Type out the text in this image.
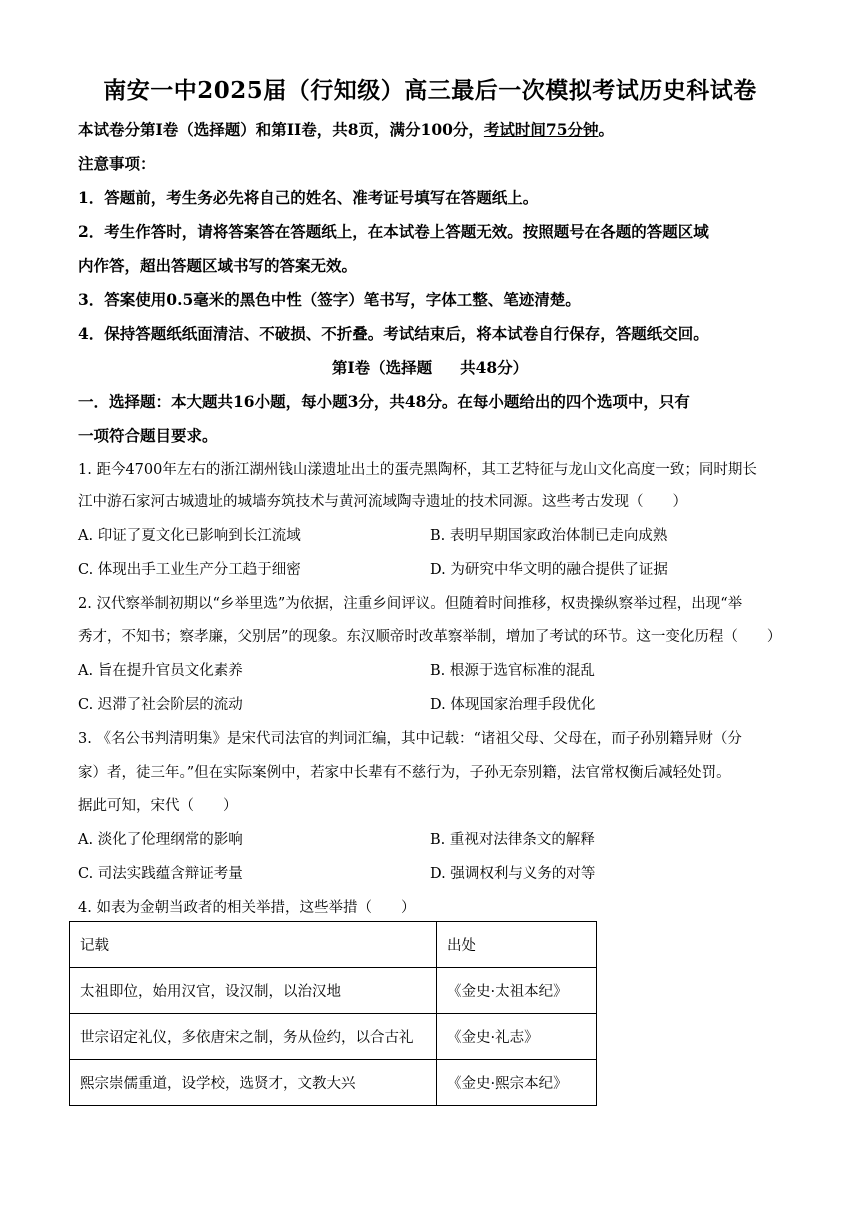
南安一中2025届（行知级）高三最后一次模拟考试历史科试卷
本试卷分第Ⅰ卷（选择题）和第II卷，共8页，满分100分，考试时间75分钟。
注意事项：
1．答题前，考生务必先将自己的姓名、准考证号填写在答题纸上。
2．考生作答时，请将答案答在答题纸上，在本试卷上答题无效。按照题号在各题的答题区域
内作答，超出答题区域书写的答案无效。
3．答案使用0.5毫米的黑色中性（签字）笔书写，字体工整、笔迹清楚。
4．保持答题纸纸面清洁、不破损、不折叠。考试结束后，将本试卷自行保存，答题纸交回。
第Ⅰ卷（选择题 共48分）
一．选择题：本大题共16小题，每小题3分，共48分。在每小题给出的四个选项中，只有
一项符合题目要求。
1. 距今4700年左右的浙江湖州钱山漾遗址出土的蛋壳黑陶杯，其工艺特征与龙山文化高度一致；同时期长
江中游石家河古城遗址的城墙夯筑技术与黄河流域陶寺遗址的技术同源。这些考古发现（　　）
A. 印证了夏文化已影响到长江流域	B. 表明早期国家政治体制已走向成熟
C. 体现出手工业生产分工趋于细密	D. 为研究中华文明的融合提供了证据
2. 汉代察举制初期以“乡举里选”为依据，注重乡间评议。但随着时间推移，权贵操纵察举过程，出现“举
秀才，不知书；察孝廉，父别居”的现象。东汉顺帝时改革察举制，增加了考试的环节。这一变化历程（　　）
A. 旨在提升官员文化素养	B. 根源于选官标准的混乱
C. 迟滞了社会阶层的流动	D. 体现国家治理手段优化
3. 《名公书判清明集》是宋代司法官的判词汇编，其中记载：“诸祖父母、父母在，而子孙别籍异财（分
家）者，徒三年。”但在实际案例中，若家中长辈有不慈行为，子孙无奈别籍，法官常权衡后减轻处罚。
据此可知，宋代（　　）
A. 淡化了伦理纲常的影响	B. 重视对法律条文的解释
C. 司法实践蕴含辩证考量	D. 强调权利与义务的对等
4. 如表为金朝当政者的相关举措，这些举措（　　）
记载	出处
太祖即位，始用汉官，设汉制，以治汉地	《金史·太祖本纪》
世宗诏定礼仪，多依唐宋之制，务从俭约，以合古礼	《金史·礼志》
熙宗崇儒重道，设学校，选贤才，文教大兴	《金史·熙宗本纪》
